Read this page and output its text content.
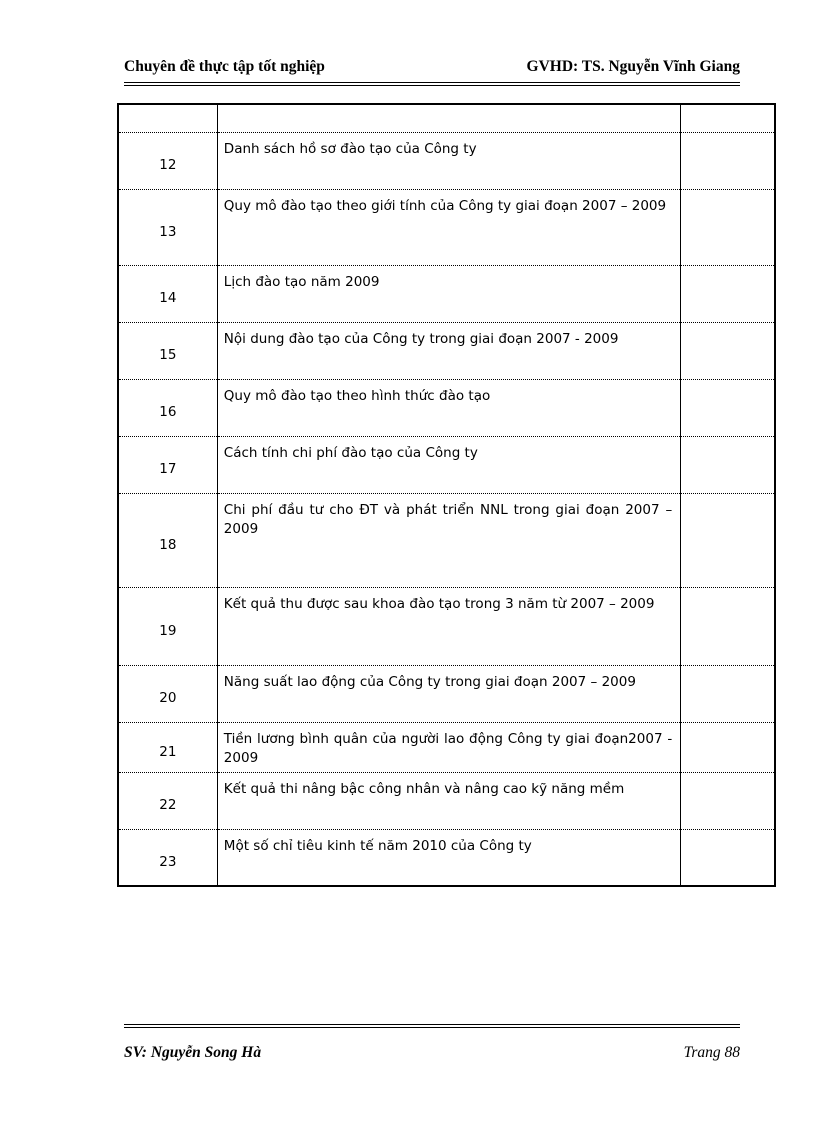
Chuyên đề thực tập tốt nghiệp	GVHD: TS. Nguyễn Vĩnh Giang

12	Danh sách hồ sơ đào tạo của Công ty	
13	Quy mô đào tạo theo giới tính của Công ty giai đoạn 2007 – 2009	
14	Lịch đào tạo năm 2009	
15	Nội dung đào tạo của Công ty trong giai đoạn 2007 - 2009	
16	Quy mô đào tạo theo hình thức đào tạo	
17	Cách tính chi phí đào tạo của Công ty	
18	Chi phí đầu tư cho ĐT và phát triển NNL trong giai đoạn 2007 – 2009	
19	Kết quả thu được sau khoa đào tạo trong 3 năm từ 2007 – 2009	
20	Năng suất lao động của Công ty trong giai đoạn 2007 – 2009	
21	Tiền lương bình quân của người lao động Công ty giai đoạn2007 - 2009	
22	Kết quả thi nâng bậc công nhân và nâng cao kỹ năng mềm	
23	Một số chỉ tiêu kinh tế năm 2010 của Công ty	
SV: Nguyễn Song Hà	Trang 88
